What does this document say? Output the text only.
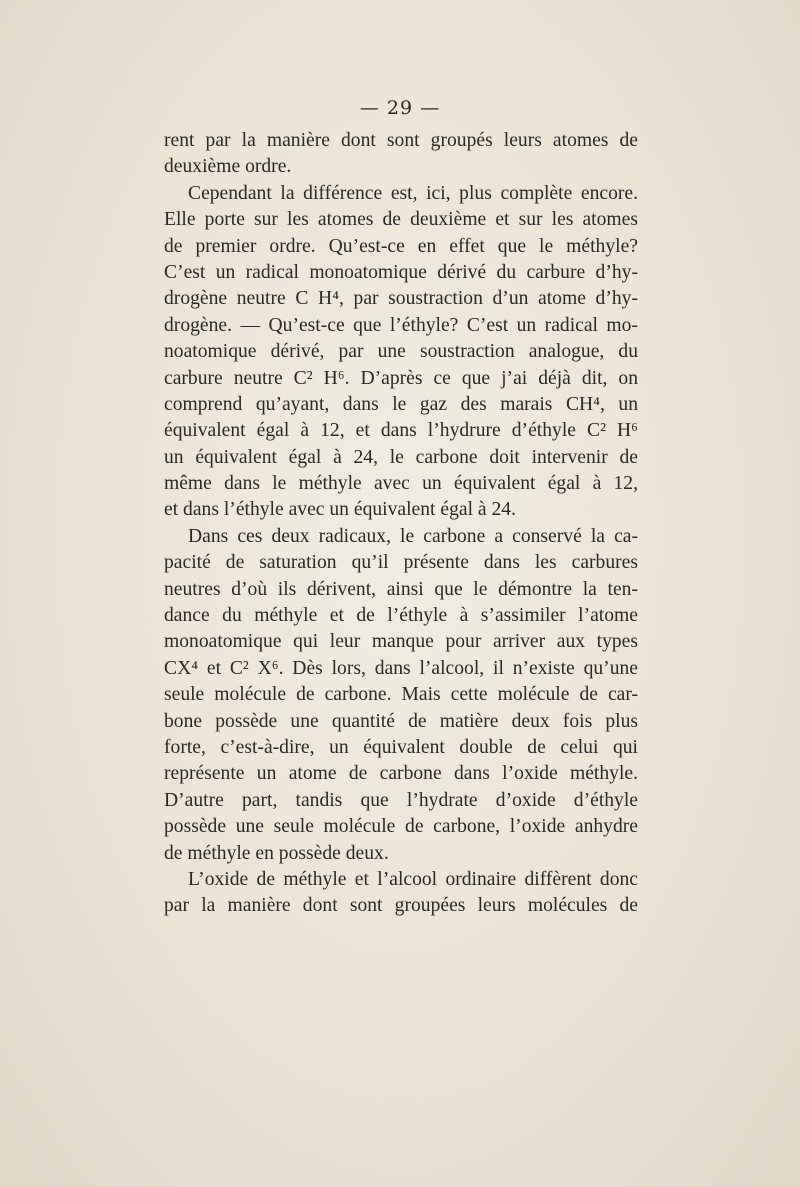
— 29 —
rent par la manière dont sont groupés leurs atomes de
deuxième ordre.
Cependant la différence est, ici, plus complète encore.
Elle porte sur les atomes de deuxième et sur les atomes
de premier ordre. Qu’est-ce en effet que le méthyle?
C’est un radical monoatomique dérivé du carbure d’hy-
drogène neutre C H⁴, par soustraction d’un atome d’hy-
drogène. — Qu’est-ce que l’éthyle? C’est un radical mo-
noatomique dérivé, par une soustraction analogue, du
carbure neutre C² H⁶. D’après ce que j’ai déjà dit, on
comprend qu’ayant, dans le gaz des marais CH⁴, un
équivalent égal à 12, et dans l’hydrure d’éthyle C² H⁶
un équivalent égal à 24, le carbone doit intervenir de
même dans le méthyle avec un équivalent égal à 12,
et dans l’éthyle avec un équivalent égal à 24.
Dans ces deux radicaux, le carbone a conservé la ca-
pacité de saturation qu’il présente dans les carbures
neutres d’où ils dérivent, ainsi que le démontre la ten-
dance du méthyle et de l’éthyle à s’assimiler l’atome
monoatomique qui leur manque pour arriver aux types
CX⁴ et C² X⁶. Dès lors, dans l’alcool, il n’existe qu’une
seule molécule de carbone. Mais cette molécule de car-
bone possède une quantité de matière deux fois plus
forte, c’est-à-dire, un équivalent double de celui qui
représente un atome de carbone dans l’oxide méthyle.
D’autre part, tandis que l’hydrate d’oxide d’éthyle
possède une seule molécule de carbone, l’oxide anhydre
de méthyle en possède deux.
L’oxide de méthyle et l’alcool ordinaire diffèrent donc
par la manière dont sont groupées leurs molécules de
